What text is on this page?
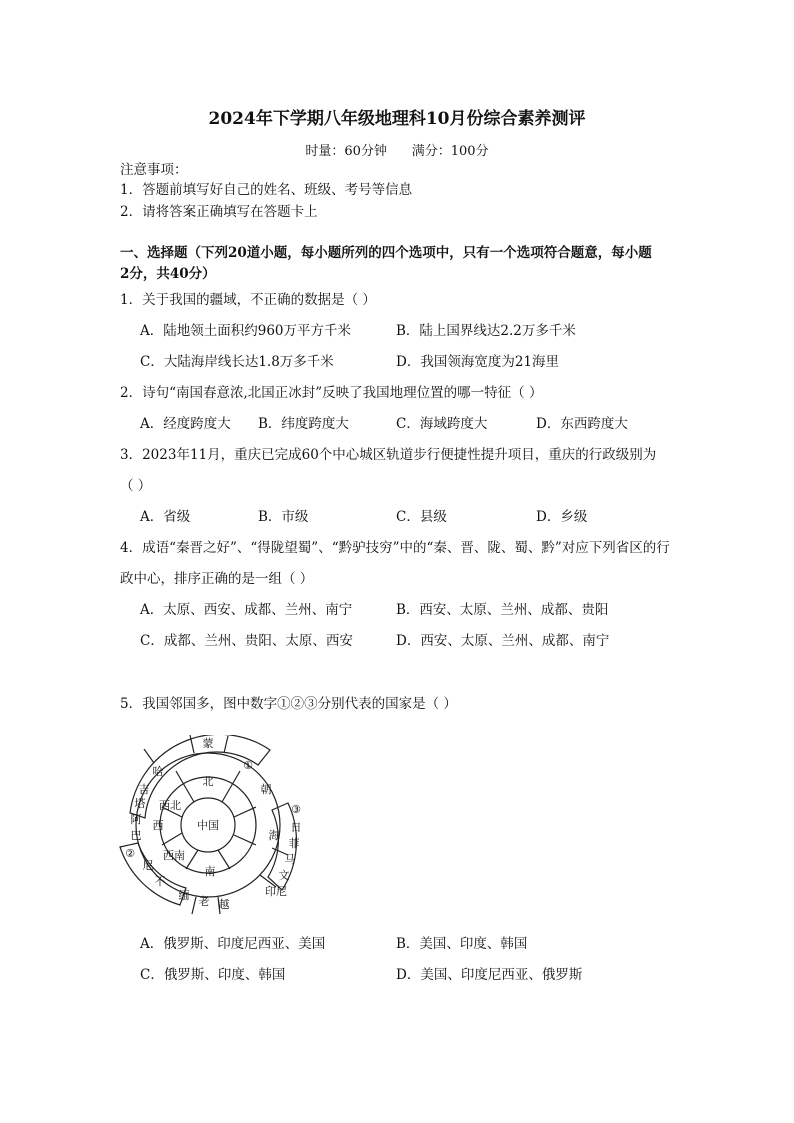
2024年下学期八年级地理科10月份综合素养测评
时量：60分钟 满分：100分
注意事项：
1．答题前填写好自己的姓名、班级、考号等信息
2．请将答案正确填写在答题卡上
一、选择题（下列20道小题，每小题所列的四个选项中，只有一个选项符合题意，每小题
2分，共40分）
1．关于我国的疆域，不正确的数据是（ ）
A．陆地领土面积约960万平方千米	B．陆上国界线达2.2万多千米
C．大陆海岸线长达1.8万多千米	D．我国领海宽度为21海里
2．诗句“南国春意浓,北国正冰封”反映了我国地理位置的哪一特征（ ）
A．经度跨度大 B．纬度跨度大	C．海域跨度大	D．东西跨度大
3．2023年11月，重庆已完成60个中心城区轨道步行便捷性提升项目，重庆的行政级别为
（ ）
A．省级	B．市级	C．县级	D．乡级
4．成语“秦晋之好”、“得陇望蜀”、“黔驴技穷”中的“秦、晋、陇、蜀、黔”对应下列省区的行
政中心，排序正确的是一组（ ）
A．太原、西安、成都、兰州、南宁	B．西安、太原、兰州、成都、贵阳
C．成都、兰州、贵阳、太原、西安	D．西安、太原、兰州、成都、南宁
5．我国邻国多，图中数字①②③分别代表的国家是（ ）
中国
北
朝
海
南
西南
西
西北
蒙
①
③
日
菲
马
文
印尼
越
老
缅
不
尼
②
巴
阿
塔
吉
哈
A．俄罗斯、印度尼西亚、美国	B．美国、印度、韩国
C．俄罗斯、印度、韩国	D．美国、印度尼西亚、俄罗斯
